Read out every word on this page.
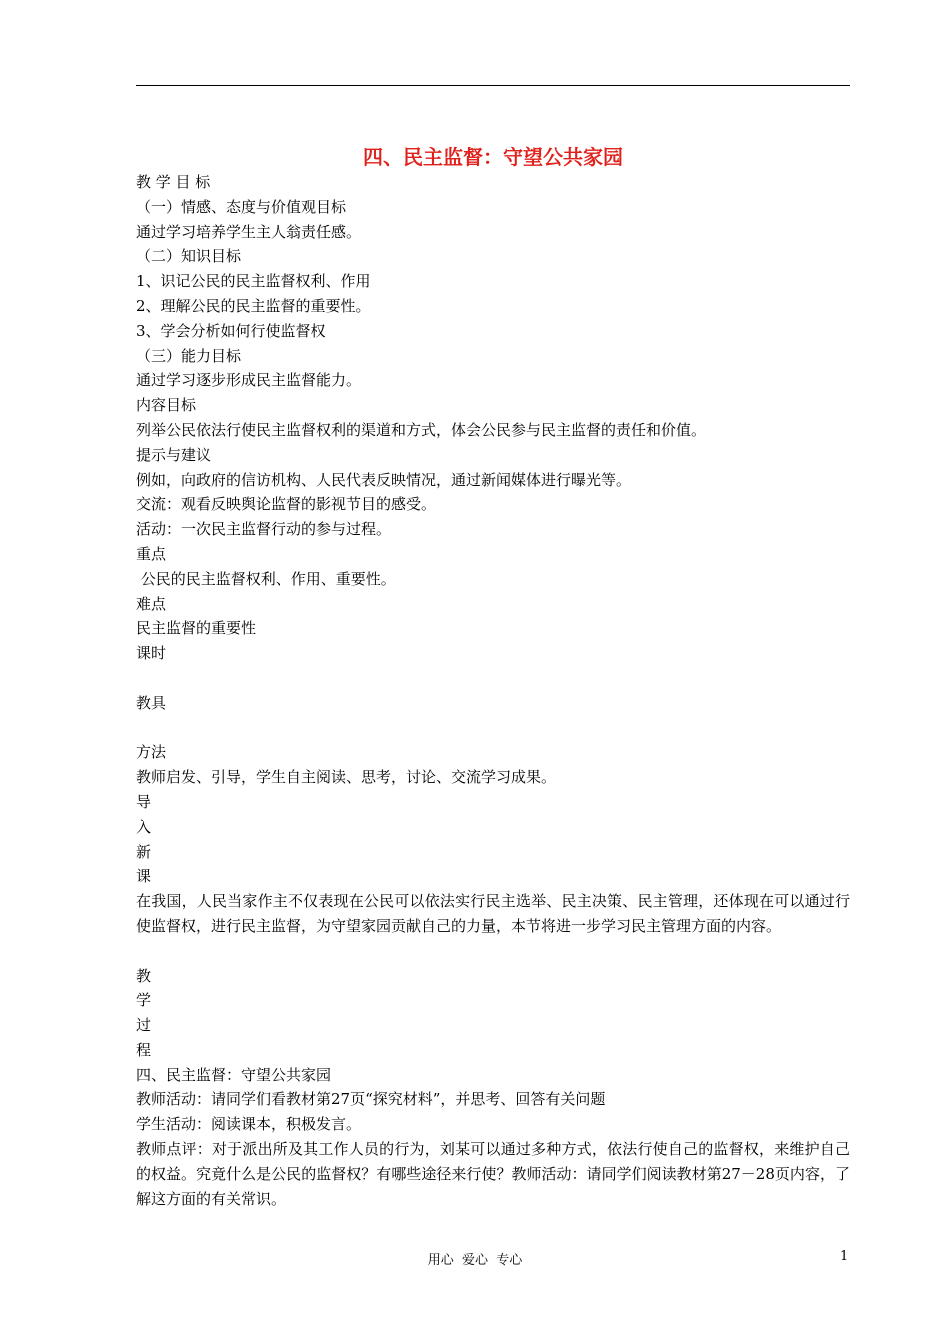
四、民主监督：守望公共家园
教 学 目 标
（一）情感、态度与价值观目标
通过学习培养学生主人翁责任感。
（二）知识目标
1、识记公民的民主监督权利、作用
2、理解公民的民主监督的重要性。
3、学会分析如何行使监督权
（三）能力目标
通过学习逐步形成民主监督能力。
内容目标
列举公民依法行使民主监督权利的渠道和方式，体会公民参与民主监督的责任和价值。
提示与建议
例如，向政府的信访机构、人民代表反映情况，通过新闻媒体进行曝光等。
交流：观看反映舆论监督的影视节目的感受。
活动：一次民主监督行动的参与过程。
重点
公民的民主监督权利、作用、重要性。
难点
民主监督的重要性
课时
教具
方法
教师启发、引导，学生自主阅读、思考，讨论、交流学习成果。
导
入
新
课
在我国，人民当家作主不仅表现在公民可以依法实行民主选举、民主决策、民主管理，还体现在可以通过行使监督权，进行民主监督，为守望家园贡献自己的力量，本节将进一步学习民主管理方面的内容。
教
学
过
程
四、民主监督：守望公共家园
教师活动：请同学们看教材第27页“探究材料”，并思考、回答有关问题
学生活动：阅读课本，积极发言。
教师点评：对于派出所及其工作人员的行为，刘某可以通过多种方式，依法行使自己的监督权，来维护自己的权益。究竟什么是公民的监督权？有哪些途径来行使？教师活动：请同学们阅读教材第27－28页内容，了解这方面的有关常识。
用心  爱心  专心	1
